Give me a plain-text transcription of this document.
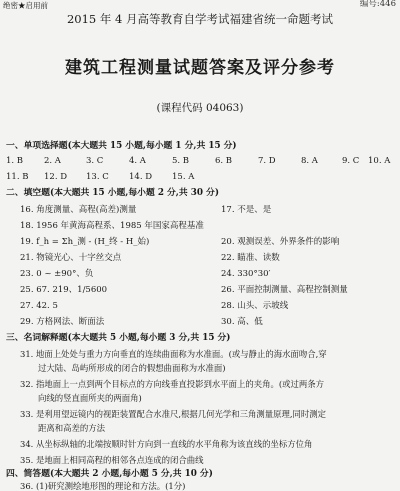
绝密★启用前	编号:446
2015 年 4 月高等教育自学考试福建省统一命题考试
建筑工程测量试题答案及评分参考
(课程代码 04063)
一、单项选择题(本大题共 15 小题,每小题 1 分,共 15 分)
1. B 2. A	3. C	4. A	5. B	6. B	7. D	8. A	9. C 10. A
11. B 12. D 13. C 14. D 15. A
二、填空题(本大题共 15 小题,每小题 2 分,共 30 分)
16. 角度测量、高程(高差)测量	17. 不是、是
18. 1956 年黄海高程系、1985 年国家高程基准
19. f_h = Σh_测 - (H_终 - H_始)	20. 观测误差、外界条件的影响
21. 物镜光心、十字丝交点	22. 瞄准、读数
23. 0 ~ ±90°、负	24. 330°30′
25. 67. 219、1/5600	26. 平面控制测量、高程控制测量
27. 42. 5	28. 山头、示坡线
29. 方格网法、断面法	30. 高、低
三、名词解释题(本大题共 5 小题,每小题 3 分,共 15 分)
31. 地面上处处与重力方向垂直的连续曲面称为水准面。(或与静止的海水面吻合,穿
过大陆、岛屿所形成的闭合的假想曲面称为水准面)
32. 指地面上一点到两个目标点的方向线垂直投影到水平面上的夹角。(或过两条方
向线的竖直面所夹的两面角)
33. 是利用望远镜内的视距装置配合水准尺,根据几何光学和三角测量原理,同时测定
距离和高差的方法
34. 从坐标纵轴的北端按顺时针方向到一直线的水平角称为该直线的坐标方位角
35. 是地面上相同高程的相邻各点连成的闭合曲线
四、简答题(本大题共 2 小题,每小题 5 分,共 10 分)
36. (1)研究测绘地形图的理论和方法。(1分)
